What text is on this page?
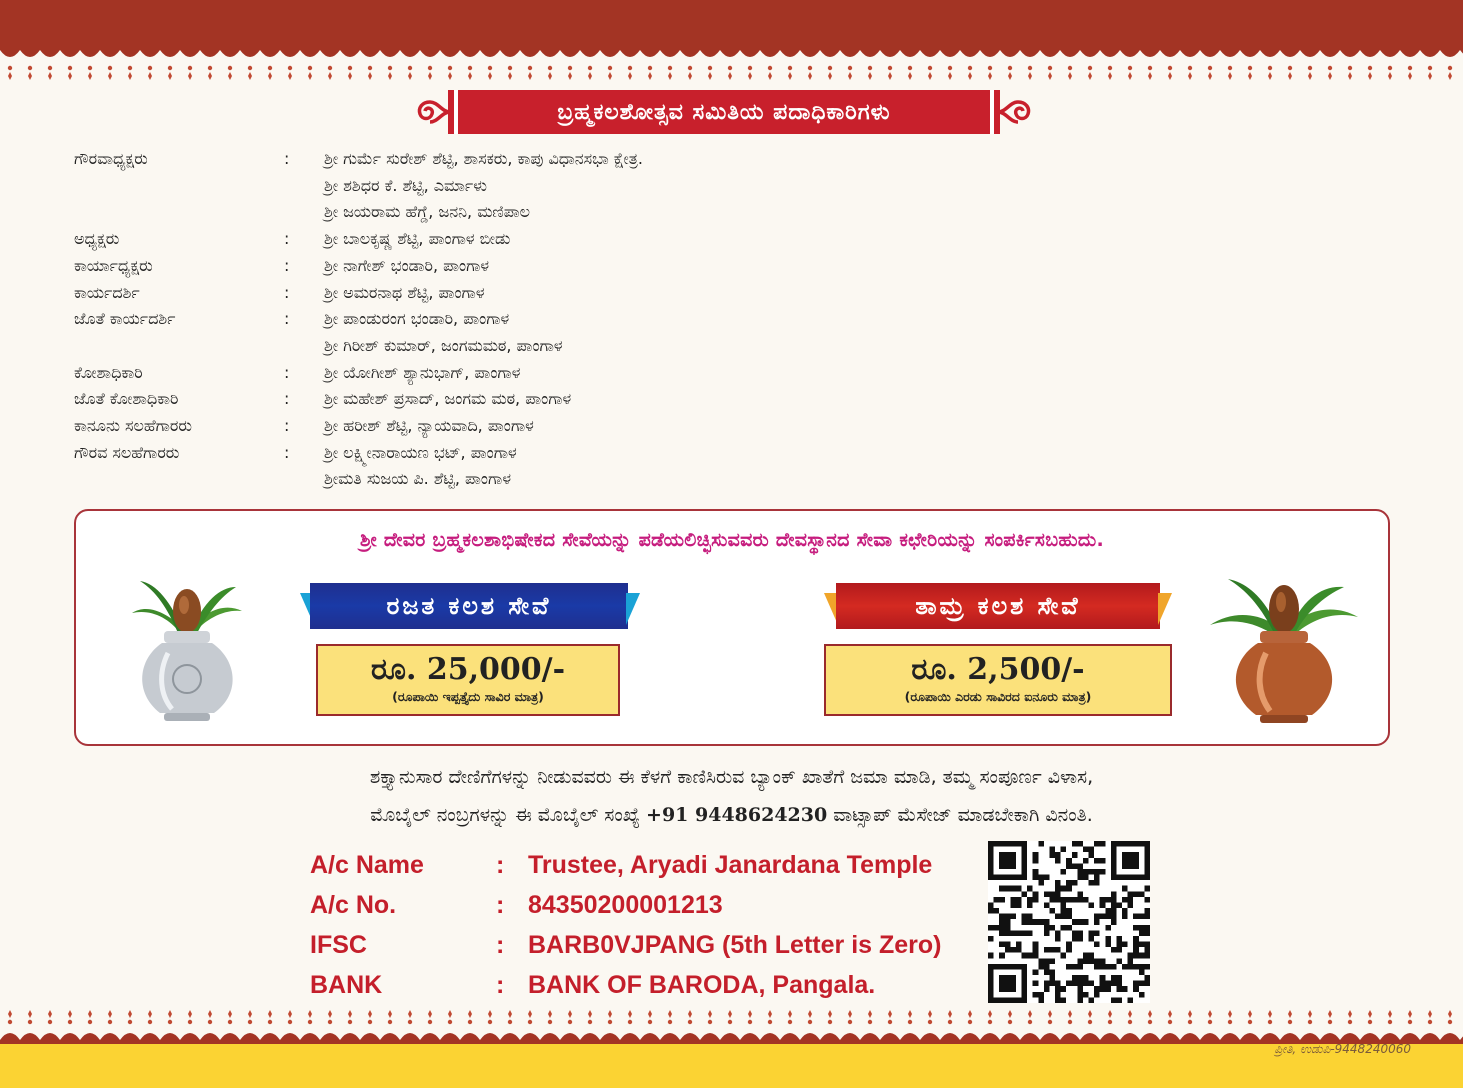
ಬ್ರಹ್ಮಕಲಶೋತ್ಸವ ಸಮಿತಿಯ ಪದಾಧಿಕಾರಿಗಳು
ಗೌರವಾಧ್ಯಕ್ಷರು	:	ಶ್ರೀ ಗುರ್ಮೆ ಸುರೇಶ್ ಶೆಟ್ಟಿ, ಶಾಸಕರು, ಕಾಪು ವಿಧಾನಸಭಾ ಕ್ಷೇತ್ರ.
ಶ್ರೀ ಶಶಿಧರ ಕೆ. ಶೆಟ್ಟಿ, ಎರ್ಮಾಳು
ಶ್ರೀ ಜಯರಾಮ ಹೆಗ್ಡೆ, ಜನನಿ, ಮಣಿಪಾಲ
ಅಧ್ಯಕ್ಷರು	:	ಶ್ರೀ ಬಾಲಕೃಷ್ಣ ಶೆಟ್ಟಿ, ಪಾಂಗಾಳ ಬೀಡು
ಕಾರ್ಯಾಧ್ಯಕ್ಷರು	:	ಶ್ರೀ ನಾಗೇಶ್ ಭಂಡಾರಿ, ಪಾಂಗಾಳ
ಕಾರ್ಯದರ್ಶಿ	:	ಶ್ರೀ ಅಮರನಾಥ ಶೆಟ್ಟಿ, ಪಾಂಗಾಳ
ಜೊತೆ ಕಾರ್ಯದರ್ಶಿ	:	ಶ್ರೀ ಪಾಂಡುರಂಗ ಭಂಡಾರಿ, ಪಾಂಗಾಳ
ಶ್ರೀ ಗಿರೀಶ್ ಕುಮಾರ್, ಜಂಗಮಮಠ, ಪಾಂಗಾಳ
ಕೋಶಾಧಿಕಾರಿ	:	ಶ್ರೀ ಯೋಗೀಶ್ ಶ್ಯಾನುಭಾಗ್, ಪಾಂಗಾಳ
ಜೊತೆ ಕೋಶಾಧಿಕಾರಿ	:	ಶ್ರೀ ಮಹೇಶ್ ಪ್ರಸಾದ್, ಜಂಗಮ ಮಠ, ಪಾಂಗಾಳ
ಕಾನೂನು ಸಲಹೆಗಾರರು	:	ಶ್ರೀ ಹರೀಶ್ ಶೆಟ್ಟಿ, ನ್ಯಾಯವಾದಿ, ಪಾಂಗಾಳ
ಗೌರವ ಸಲಹೆಗಾರರು	:	ಶ್ರೀ ಲಕ್ಷ್ಮೀನಾರಾಯಣ ಭಟ್, ಪಾಂಗಾಳ
ಶ್ರೀಮತಿ ಸುಜಯ ಪಿ. ಶೆಟ್ಟಿ, ಪಾಂಗಾಳ
ಶ್ರೀ ದೇವರ ಬ್ರಹ್ಮಕಲಶಾಭಿಷೇಕದ ಸೇವೆಯನ್ನು ಪಡೆಯಲಿಚ್ಛಿಸುವವರು ದೇವಸ್ಥಾನದ ಸೇವಾ ಕಛೇರಿಯನ್ನು ಸಂಪರ್ಕಿಸಬಹುದು.
ರಜತ ಕಲಶ ಸೇವೆ
ರೂ. 25,000/-
(ರೂಪಾಯಿ ಇಪ್ಪತ್ತೈದು ಸಾವಿರ ಮಾತ್ರ)
ತಾಮ್ರ ಕಲಶ ಸೇವೆ
ರೂ. 2,500/-
(ರೂಪಾಯಿ ಎರಡು ಸಾವಿರದ ಐನೂರು ಮಾತ್ರ)
ಶಕ್ತ್ಯಾನುಸಾರ ದೇಣಿಗೆಗಳನ್ನು ನೀಡುವವರು ಈ ಕೆಳಗೆ ಕಾಣಿಸಿರುವ ಬ್ಯಾಂಕ್ ಖಾತೆಗೆ ಜಮಾ ಮಾಡಿ, ತಮ್ಮ ಸಂಪೂರ್ಣ ವಿಳಾಸ,
ಮೊಬೈಲ್ ನಂಬ್ರಗಳನ್ನು ಈ ಮೊಬೈಲ್ ಸಂಖ್ಯೆ +91 9448624230 ವಾಟ್ಸಾಪ್ ಮೆಸೇಜ್ ಮಾಡಬೇಕಾಗಿ ವಿನಂತಿ.
A/c Name	: Trustee, Aryadi Janardana Temple
A/c No.	: 84350200001213
IFSC	: BARB0VJPANG (5th Letter is Zero)
BANK	: BANK OF BARODA, Pangala.
ಪ್ರೀತಿ, ಉಡುಪಿ-9448240060
